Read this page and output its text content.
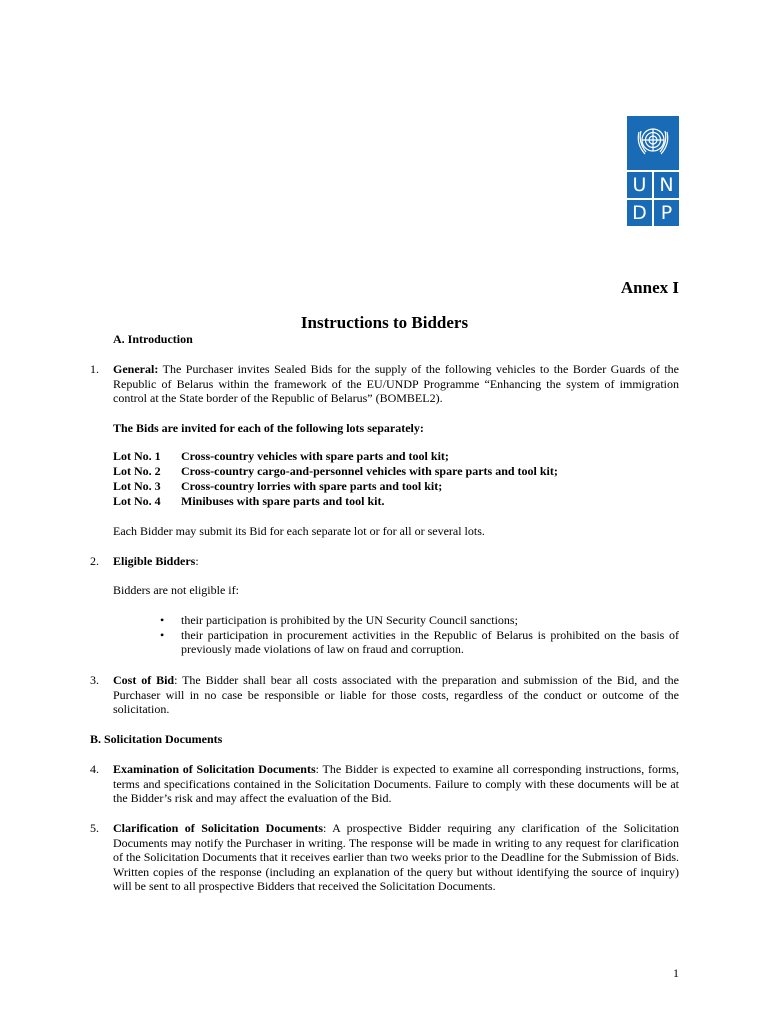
U N
D P
Annex I
Instructions to Bidders
A. Introduction
1. General: The Purchaser invites Sealed Bids for the supply of the following vehicles to the Border Guards of the Republic of Belarus within the framework of the EU/UNDP Programme “Enhancing the system of immigration control at the State border of the Republic of Belarus” (BOMBEL2).
The Bids are invited for each of the following lots separately:
Lot No. 1	Cross-country vehicles with spare parts and tool kit;
Lot No. 2	Cross-country cargo-and-personnel vehicles with spare parts and tool kit;
Lot No. 3	Cross-country lorries with spare parts and tool kit;
Lot No. 4	Minibuses with spare parts and tool kit.
Each Bidder may submit its Bid for each separate lot or for all or several lots.
2. Eligible Bidders:
Bidders are not eligible if:
• their participation is prohibited by the UN Security Council sanctions;
• their participation in procurement activities in the Republic of Belarus is prohibited on the basis of previously made violations of law on fraud and corruption.
3. Cost of Bid: The Bidder shall bear all costs associated with the preparation and submission of the Bid, and the Purchaser will in no case be responsible or liable for those costs, regardless of the conduct or outcome of the solicitation.
B. Solicitation Documents
4. Examination of Solicitation Documents: The Bidder is expected to examine all corresponding instructions, forms, terms and specifications contained in the Solicitation Documents. Failure to comply with these documents will be at the Bidder’s risk and may affect the evaluation of the Bid.
5. Clarification of Solicitation Documents: A prospective Bidder requiring any clarification of the Solicitation Documents may notify the Purchaser in writing. The response will be made in writing to any request for clarification of the Solicitation Documents that it receives earlier than two weeks prior to the Deadline for the Submission of Bids. Written copies of the response (including an explanation of the query but without identifying the source of inquiry) will be sent to all prospective Bidders that received the Solicitation Documents.
1
